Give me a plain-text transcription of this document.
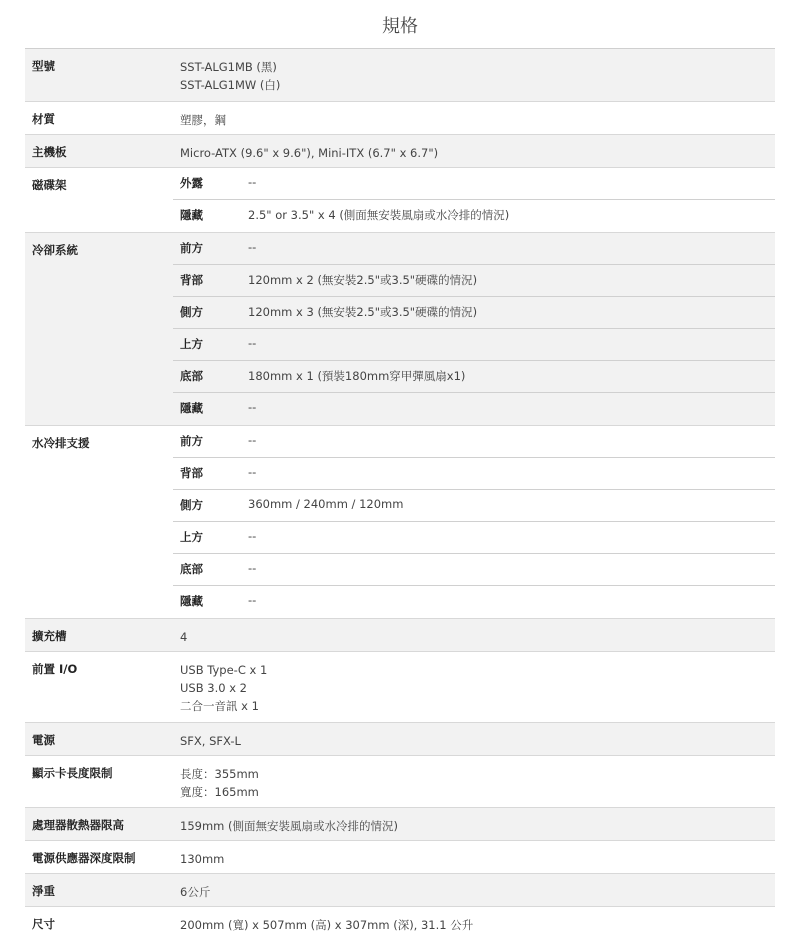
規格
型號	SST-ALG1MB (黑)
SST-ALG1MW (白)
材質	塑膠，鋼
主機板	Micro-ATX (9.6" x 9.6"), Mini-ITX (6.7" x 6.7")
磁碟架	外露	--
隱藏	2.5" or 3.5" x 4 (側面無安裝風扇或水冷排的情況)
冷卻系統	前方	--
背部	120mm x 2 (無安裝2.5"或3.5"硬碟的情況)
側方	120mm x 3 (無安裝2.5"或3.5"硬碟的情況)
上方	--
底部	180mm x 1 (預裝180mm穿甲彈風扇x1)
隱藏	--
水冷排支援	前方	--
背部	--
側方	360mm / 240mm / 120mm
上方	--
底部	--
隱藏	--
擴充槽	4
前置 I/O	USB Type-C x 1
USB 3.0 x 2
二合一音訊 x 1
電源	SFX, SFX-L
顯示卡長度限制	長度：355mm
寬度：165mm
處理器散熱器限高	159mm (側面無安裝風扇或水冷排的情況)
電源供應器深度限制	130mm
淨重	6公斤
尺寸	200mm (寬) x 507mm (高) x 307mm (深), 31.1 公升
